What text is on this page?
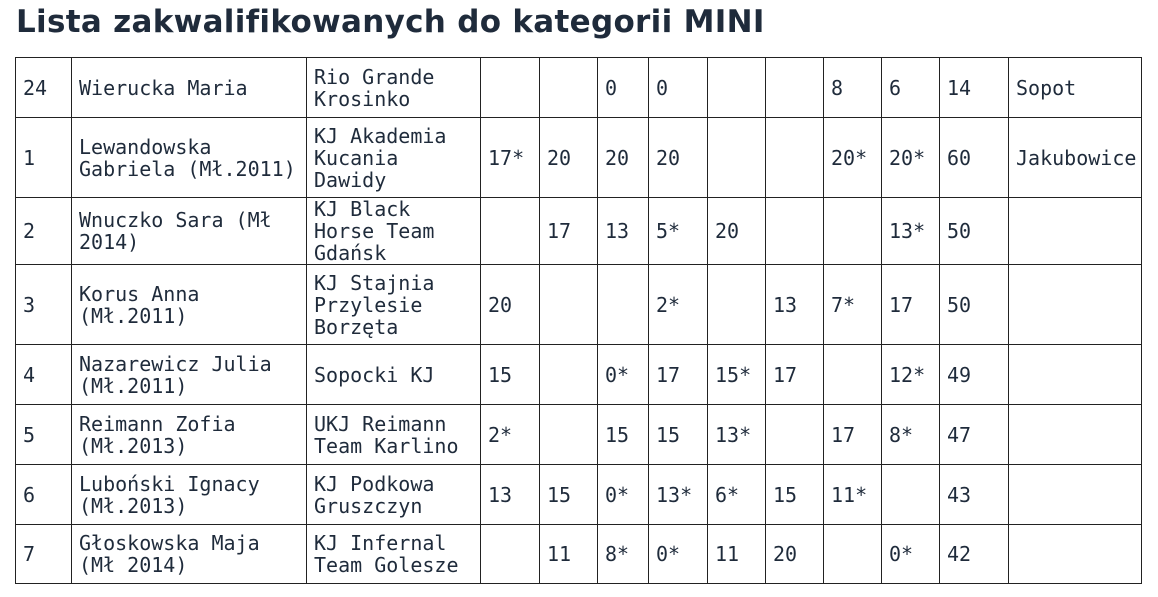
Lista zakwalifikowanych do kategorii MINI
24	Wierucka Maria	Rio Grande Krosinko			0	0			8	6	14	Sopot
1	Lewandowska Gabriela (Mł.2011)	KJ Akademia Kucania Dawidy	17*	20	20	20			20*	20*	60	Jakubowice
2	Wnuczko Sara (Mł 2014)	KJ Black Horse Team Gdańsk		17	13	5*	20			13*	50	
3	Korus Anna (Mł.2011)	KJ Stajnia Przylesie Borzęta	20			2*		13	7*	17	50	
4	Nazarewicz Julia (Mł.2011)	Sopocki KJ	15		0*	17	15*	17		12*	49	
5	Reimann Zofia (Mł.2013)	UKJ Reimann Team Karlino	2*		15	15	13*		17	8*	47	
6	Luboński Ignacy (Mł.2013)	KJ Podkowa Gruszczyn	13	15	0*	13*	6*	15	11*		43	
7	Głoskowska Maja (Mł 2014)	KJ Infernal Team Golesze		11	8*	0*	11	20		0*	42	
